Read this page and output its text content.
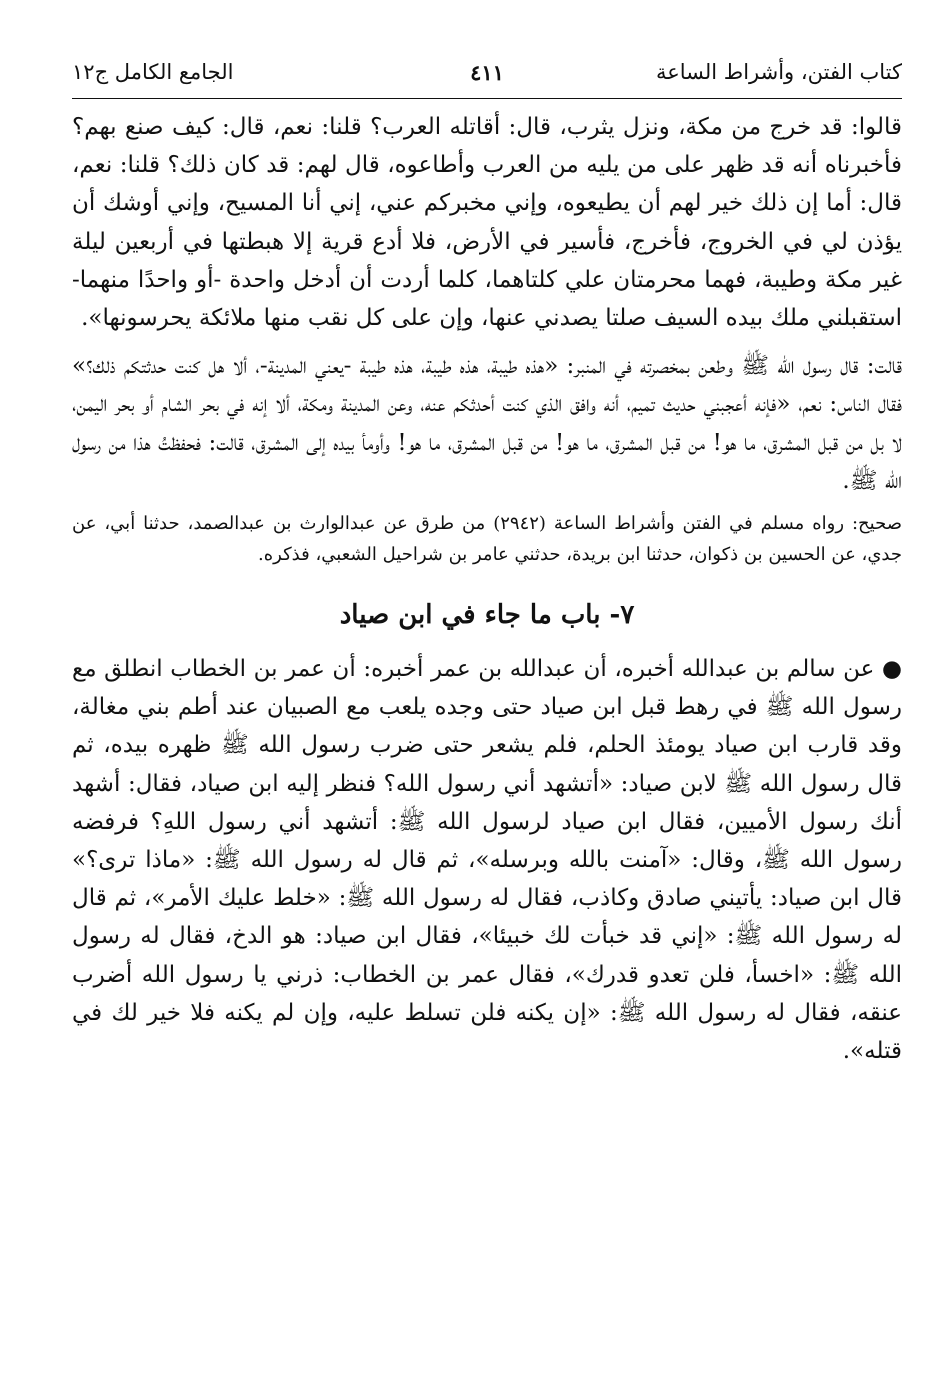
كتاب الفتن، وأشراط الساعة
٤١١
الجامع الكامل ج١٢

قالوا: قد خرج من مكة، ونزل يثرب، قال: أقاتله العرب؟ قلنا: نعم، قال: كيف صنع بهم؟ فأخبرناه أنه قد ظهر على من يليه من العرب وأطاعوه، قال لهم: قد كان ذلك؟ قلنا: نعم، قال: أما إن ذلك خير لهم أن يطيعوه، وإني مخبركم عني، إني أنا المسيح، وإني أوشك أن يؤذن لي في الخروج، فأخرج، فأسير في الأرض، فلا أدع قرية إلا هبطتها في أربعين ليلة غير مكة وطيبة، فهما محرمتان علي كلتاهما، كلما أردت أن أدخل واحدة -أو واحدًا منهما- استقبلني ملك بيده السيف صلتا يصدني عنها، وإن على كل نقب منها ملائكة يحرسونها».

قالت: قال رسول الله ﷺ وطعن بمخصرته في المنبر: «هذه طيبة، هذه طيبة، هذه طيبة -يعني المدينة-، ألا هل كنت حدثتكم ذلك؟» فقال الناس: نعم، «فإنه أعجبني حديث تميم، أنه وافق الذي كنت أحدثكم عنه، وعن المدينة ومكة، ألا إنه في بحر الشام أو بحر اليمن، لا بل من قبل المشرق، ما هو! من قبل المشرق، ما هو! من قبل المشرق، ما هو! وأومأ بيده إلى المشرق، قالت: فحفظتُ هذا من رسول الله ﷺ.

صحيح: رواه مسلم في الفتن وأشراط الساعة (٢٩٤٢) من طرق عن عبدالوارث بن عبدالصمد، حدثنا أبي، عن جدي، عن الحسين بن ذكوان، حدثنا ابن بريدة، حدثني عامر بن شراحيل الشعبي، فذكره.

٧- باب ما جاء في ابن صياد

● عن سالم بن عبدالله أخبره، أن عبدالله بن عمر أخبره: أن عمر بن الخطاب انطلق مع رسول الله ﷺ في رهط قبل ابن صياد حتى وجده يلعب مع الصبيان عند أطم بني مغالة، وقد قارب ابن صياد يومئذ الحلم، فلم يشعر حتى ضرب رسول الله ﷺ ظهره بيده، ثم قال رسول الله ﷺ لابن صياد: «أتشهد أني رسول الله؟ فنظر إليه ابن صياد، فقال: أشهد أنك رسول الأميين، فقال ابن صياد لرسول الله ﷺ: أتشهد أني رسول اللهِ؟ فرفضه رسول الله ﷺ، وقال: «آمنت بالله وبرسله»، ثم قال له رسول الله ﷺ: «ماذا ترى؟» قال ابن صياد: يأتيني صادق وكاذب، فقال له رسول الله ﷺ: «خلط عليك الأمر»، ثم قال له رسول الله ﷺ: «إني قد خبأت لك خبيئا»، فقال ابن صياد: هو الدخ، فقال له رسول الله ﷺ: «اخسأ، فلن تعدو قدرك»، فقال عمر بن الخطاب: ذرني يا رسول الله أضرب عنقه، فقال له رسول الله ﷺ: «إن يكنه فلن تسلط عليه، وإن لم يكنه فلا خير لك في قتله».
